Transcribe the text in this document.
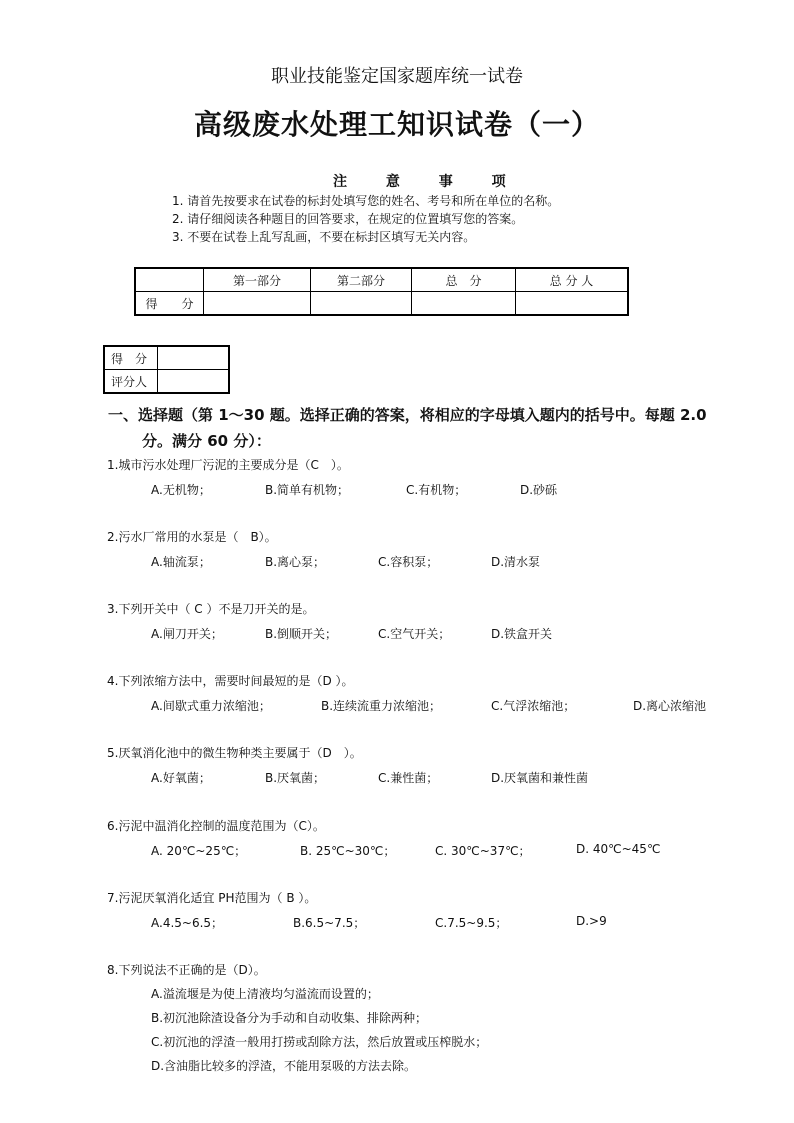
职业技能鉴定国家题库统一试卷
高级废水处理工知识试卷（一）
注 意 事 项
1. 请首先按要求在试卷的标封处填写您的姓名、考号和所在单位的名称。
2. 请仔细阅读各种题目的回答要求，在规定的位置填写您的答案。
3. 不要在试卷上乱写乱画，不要在标封区填写无关内容。
	第一部分	第二部分	总　分	总 分 人
得　　分				
得　分	
评分人	
一、选择题（第 1～30 题。选择正确的答案，将相应的字母填入题内的括号中。每题 2.0
分。满分 60 分）：
1.城市污水处理厂污泥的主要成分是（C　）。
A.无机物；	B.简单有机物；	C.有机物；	D.砂砾
2.污水厂常用的水泵是（　B）。
A.轴流泵；	B.离心泵；	C.容积泵；	D.清水泵
3.下列开关中（ C ）不是刀开关的是。
A.闸刀开关；	B.倒顺开关；	C.空气开关；	D.铁盒开关
4.下列浓缩方法中，需要时间最短的是（D ）。
A.间歇式重力浓缩池；	B.连续流重力浓缩池；	C.气浮浓缩池；	D.离心浓缩池
5.厌氧消化池中的微生物种类主要属于（D　）。
A.好氧菌；	B.厌氧菌；	C.兼性菌；	D.厌氧菌和兼性菌
6.污泥中温消化控制的温度范围为（C）。
A. 20℃~25℃；	B. 25℃~30℃；	C. 30℃~37℃；	D. 40℃~45℃
7.污泥厌氧消化适宜 PH范围为（ B ）。
A.4.5~6.5；	B.6.5~7.5；	C.7.5~9.5；	D.>9
8.下列说法不正确的是（D）。
A.溢流堰是为使上清液均匀溢流而设置的；
B.初沉池除渣设备分为手动和自动收集、排除两种；
C.初沉池的浮渣一般用打捞或刮除方法，然后放置或压榨脱水；
D.含油脂比较多的浮渣，不能用泵吸的方法去除。
